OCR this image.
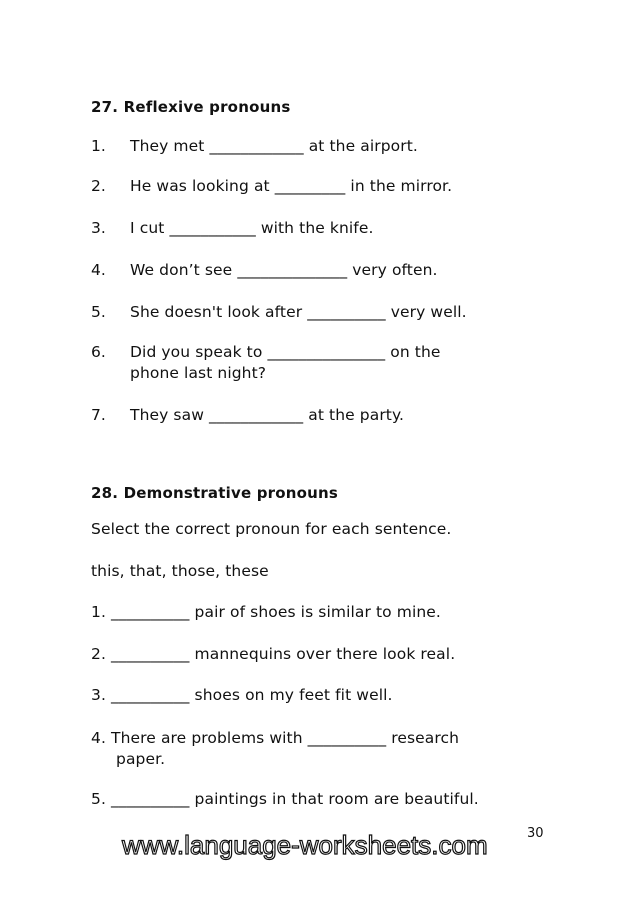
27. Reflexive pronouns
1. They met ____________ at the airport.
2. He was looking at _________ in the mirror.
3. I cut ___________ with the knife.
4. We don’t see ______________ very often.
5. She doesn't look after __________ very well.
6. Did you speak to _______________ on the
phone last night?
7. They saw ____________ at the party.
28. Demonstrative pronouns
Select the correct pronoun for each sentence.
this, that, those, these
1. __________ pair of shoes is similar to mine.
2. __________ mannequins over there look real.
3. __________ shoes on my feet fit well.
4. There are problems with __________ research
paper.
5. __________ paintings in that room are beautiful.
30
www.language-worksheets.com
